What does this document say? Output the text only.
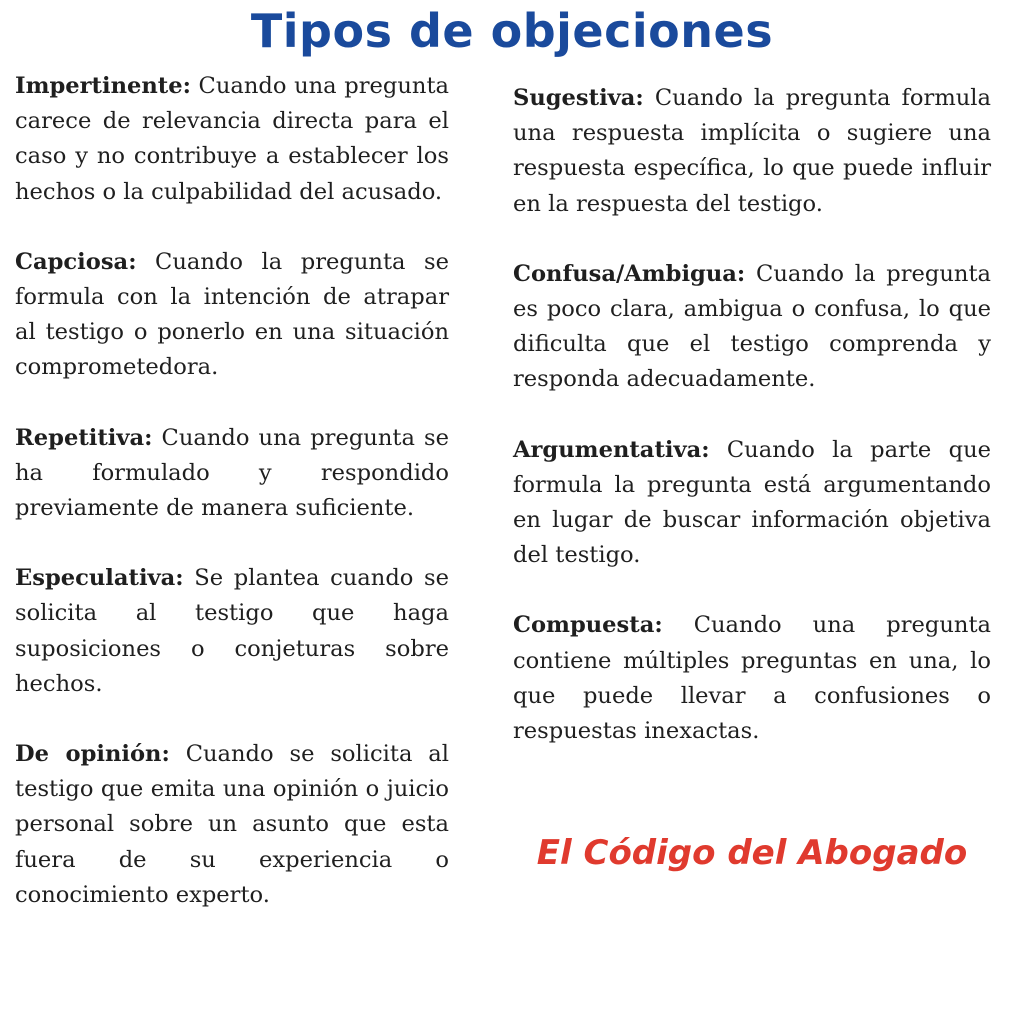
Tipos de objeciones

Impertinente: Cuando una pregunta carece de relevancia directa para el caso y no contribuye a establecer los hechos o la culpabilidad del acusado.

Capciosa: Cuando la pregunta se formula con la intención de atrapar al testigo o ponerlo en una situación comprometedora.

Repetitiva: Cuando una pregunta se ha formulado y respondido previamente de manera suficiente.

Especulativa: Se plantea cuando se solicita al testigo que haga suposiciones o conjeturas sobre hechos.

De opinión: Cuando se solicita al testigo que emita una opinión o juicio personal sobre un asunto que esta fuera de su experiencia o conocimiento experto.

Sugestiva: Cuando la pregunta formula una respuesta implícita o sugiere una respuesta específica, lo que puede influir en la respuesta del testigo.

Confusa/Ambigua: Cuando la pregunta es poco clara, ambigua o confusa, lo que dificulta que el testigo comprenda y responda adecuadamente.

Argumentativa: Cuando la parte que formula la pregunta está argumentando en lugar de buscar información objetiva del testigo.

Compuesta: Cuando una pregunta contiene múltiples preguntas en una, lo que puede llevar a confusiones o respuestas inexactas.

El Código del Abogado
